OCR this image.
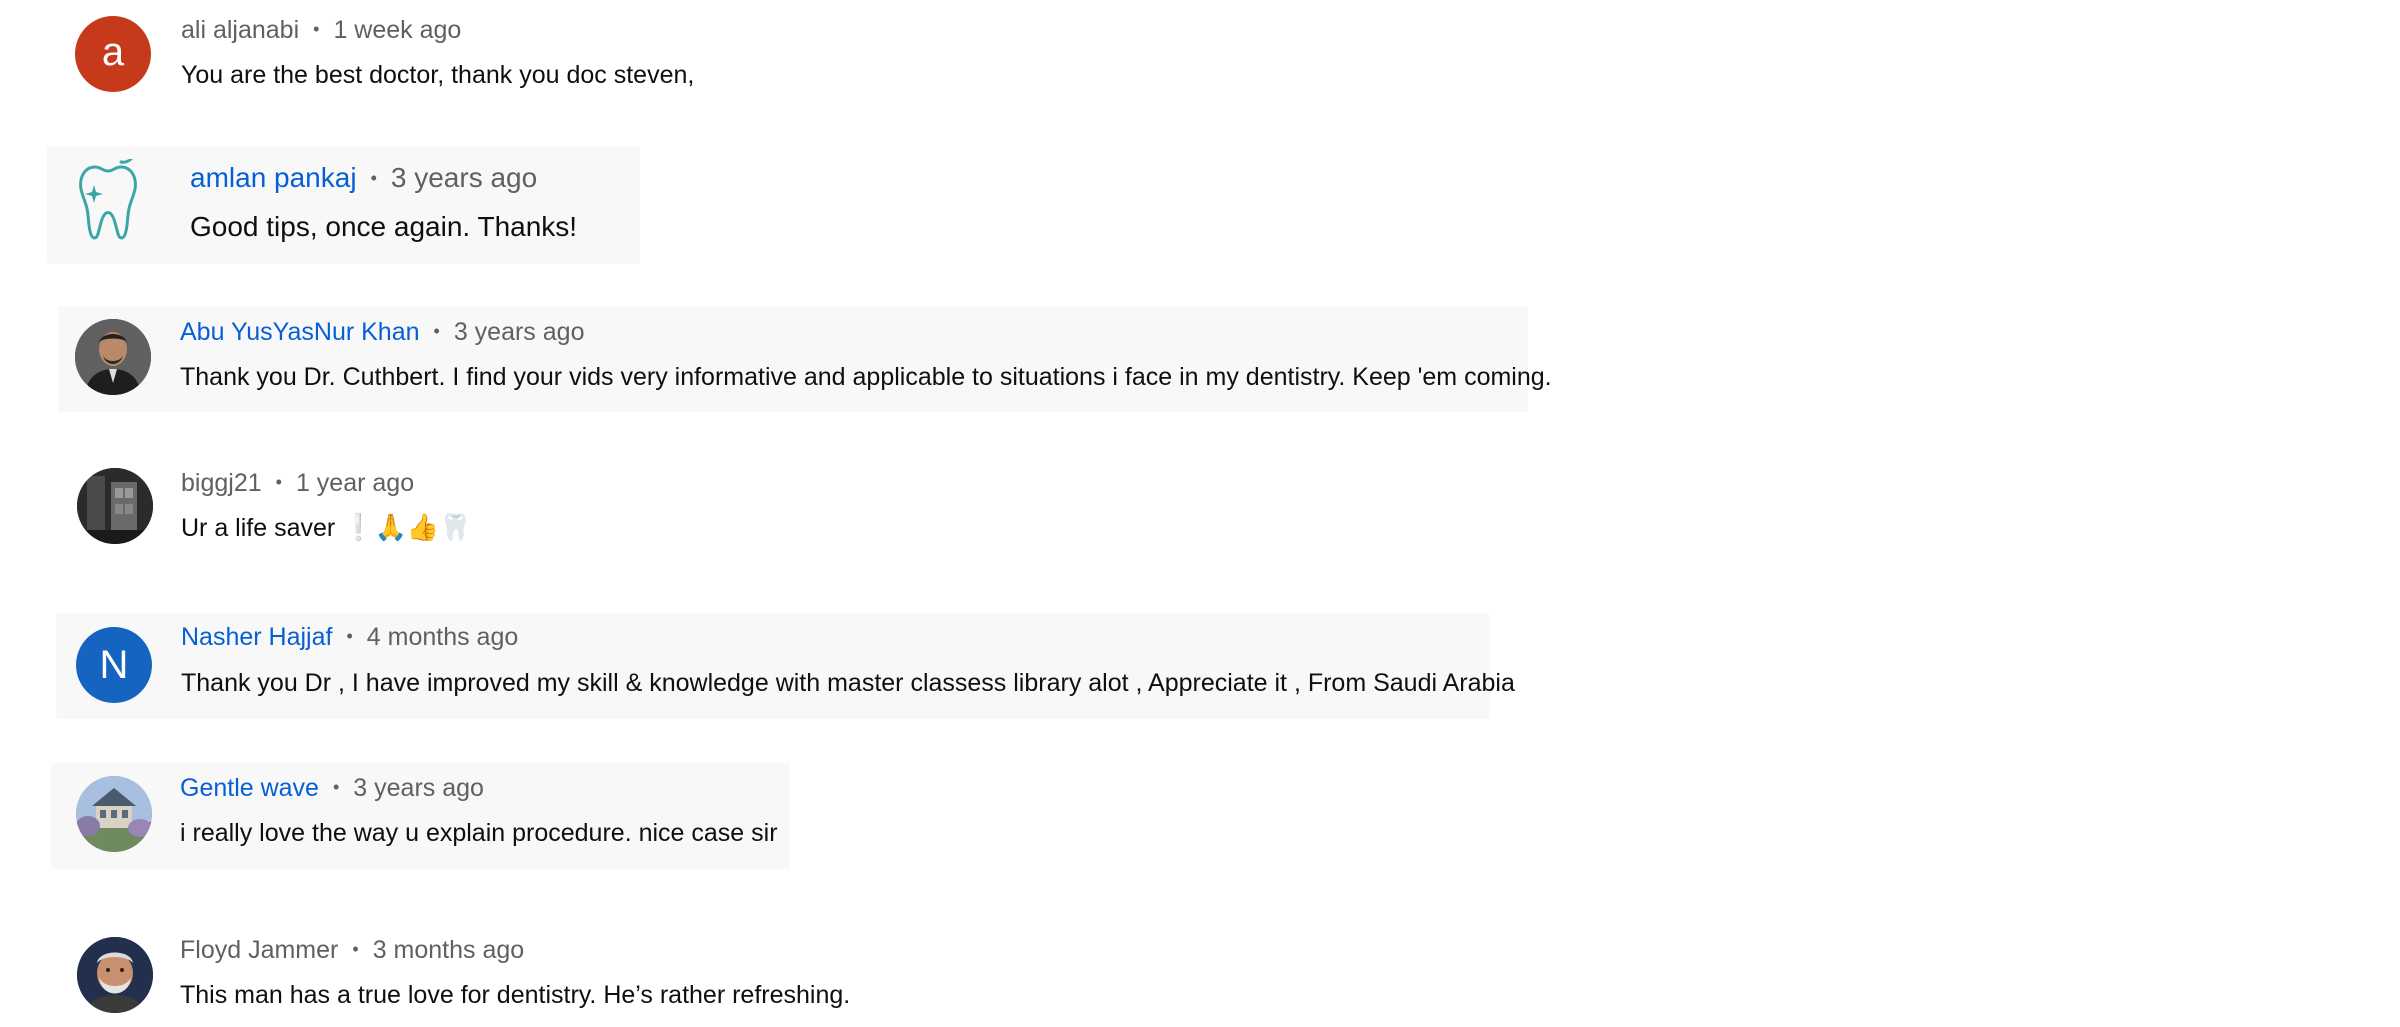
a ali aljanabi • 1 week ago
You are the best doctor, thank you doc steven,
amlan pankaj • 3 years ago
Good tips, once again. Thanks!
Abu YusYasNur Khan • 3 years ago
Thank you Dr. Cuthbert. I find your vids very informative and applicable to situations i face in my dentistry. Keep 'em coming.
biggj21 • 1 year ago
Ur a life saver ❕🙏👍🦷
N
Nasher Hajjaf • 4 months ago
Thank you Dr , I have improved my skill & knowledge with master classess library alot , Appreciate it , From Saudi Arabia
Gentle wave • 3 years ago
i really love the way u explain procedure. nice case sir
Floyd Jammer • 3 months ago
This man has a true love for dentistry. He’s rather refreshing.
